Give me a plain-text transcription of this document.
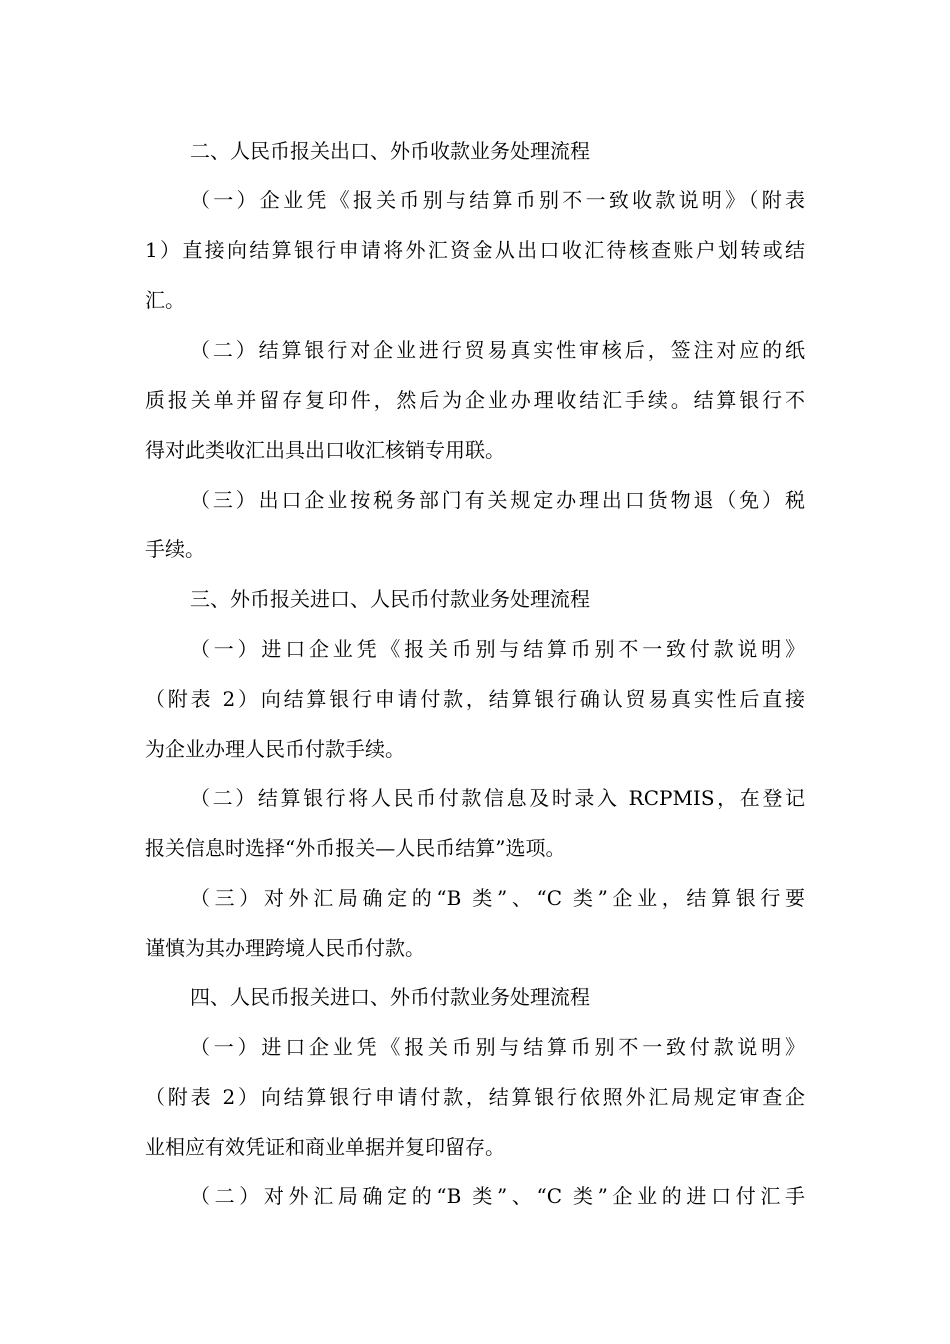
二、人民币报关出口、外币收款业务处理流程
（一）企业凭《报关币别与结算币别不一致收款说明》（附表
1）直接向结算银行申请将外汇资金从出口收汇待核查账户划转或结
汇。
（二）结算银行对企业进行贸易真实性审核后，签注对应的纸
质报关单并留存复印件，然后为企业办理收结汇手续。结算银行不
得对此类收汇出具出口收汇核销专用联。
（三）出口企业按税务部门有关规定办理出口货物退（免）税
手续。
三、外币报关进口、人民币付款业务处理流程
（一）进口企业凭《报关币别与结算币别不一致付款说明》
（附表 2）向结算银行申请付款，结算银行确认贸易真实性后直接
为企业办理人民币付款手续。
（二）结算银行将人民币付款信息及时录入 RCPMIS，在登记
报关信息时选择“外币报关—人民币结算”选项。
（三）对外汇局确定的“B 类”、“C 类”企业，结算银行要
谨慎为其办理跨境人民币付款。
四、人民币报关进口、外币付款业务处理流程
（一）进口企业凭《报关币别与结算币别不一致付款说明》
（附表 2）向结算银行申请付款，结算银行依照外汇局规定审查企
业相应有效凭证和商业单据并复印留存。
（二）对外汇局确定的“B 类”、“C 类”企业的进口付汇手
